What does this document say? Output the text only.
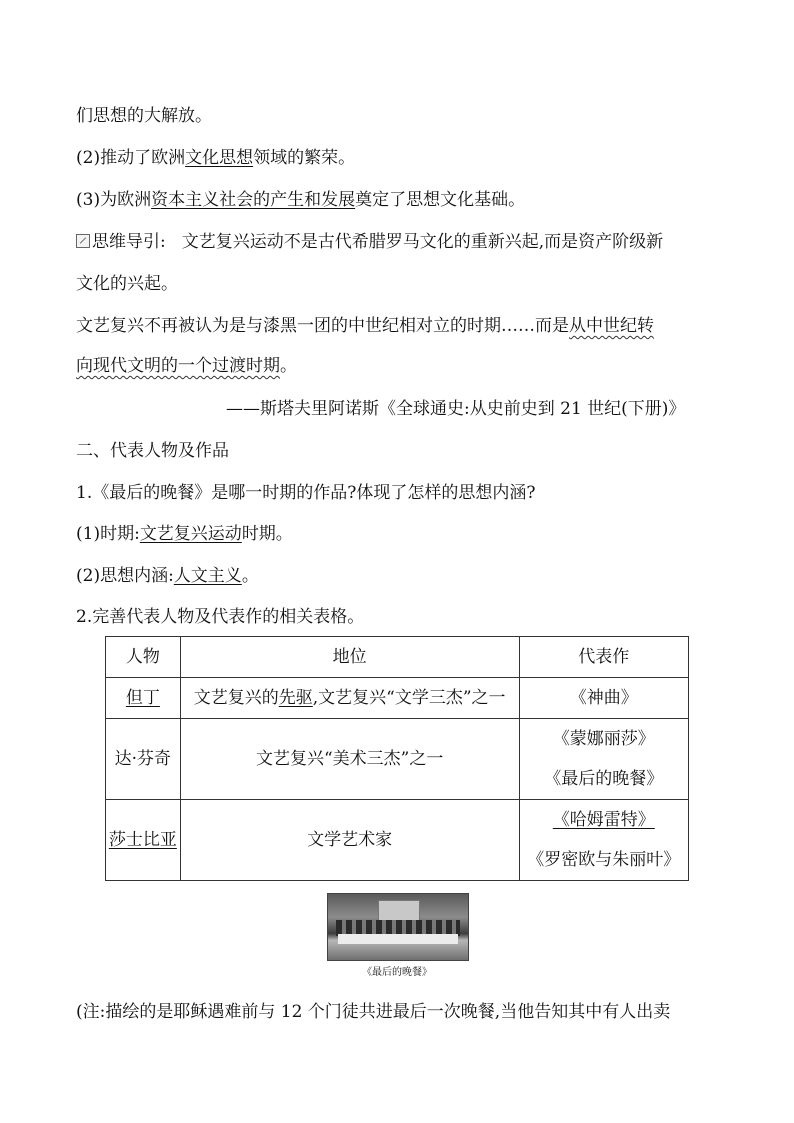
们思想的大解放。
(2)推动了欧洲文化思想领域的繁荣。
(3)为欧洲资本主义社会的产生和发展奠定了思想文化基础。
思维导引: 文艺复兴运动不是古代希腊罗马文化的重新兴起,而是资产阶级新
文化的兴起。
文艺复兴不再被认为是与漆黑一团的中世纪相对立的时期……而是从中世纪转
向现代文明的一个过渡时期。
——斯塔夫里阿诺斯《全球通史:从史前史到 21 世纪(下册)》
二、代表人物及作品
1.《最后的晚餐》是哪一时期的作品?体现了怎样的思想内涵?
(1)时期:文艺复兴运动时期。
(2)思想内涵:人文主义。
2.完善代表人物及代表作的相关表格。
人物	地位	代表作
但丁	文艺复兴的先驱,文艺复兴“文学三杰”之一	《神曲》
达·芬奇	文艺复兴“美术三杰”之一	《蒙娜丽莎》
《最后的晚餐》

莎士比亚	文学艺术家	《哈姆雷特》
《罗密欧与朱丽叶》
《最后的晚餐》
(注:描绘的是耶稣遇难前与 12 个门徒共进最后一次晚餐,当他告知其中有人出卖
